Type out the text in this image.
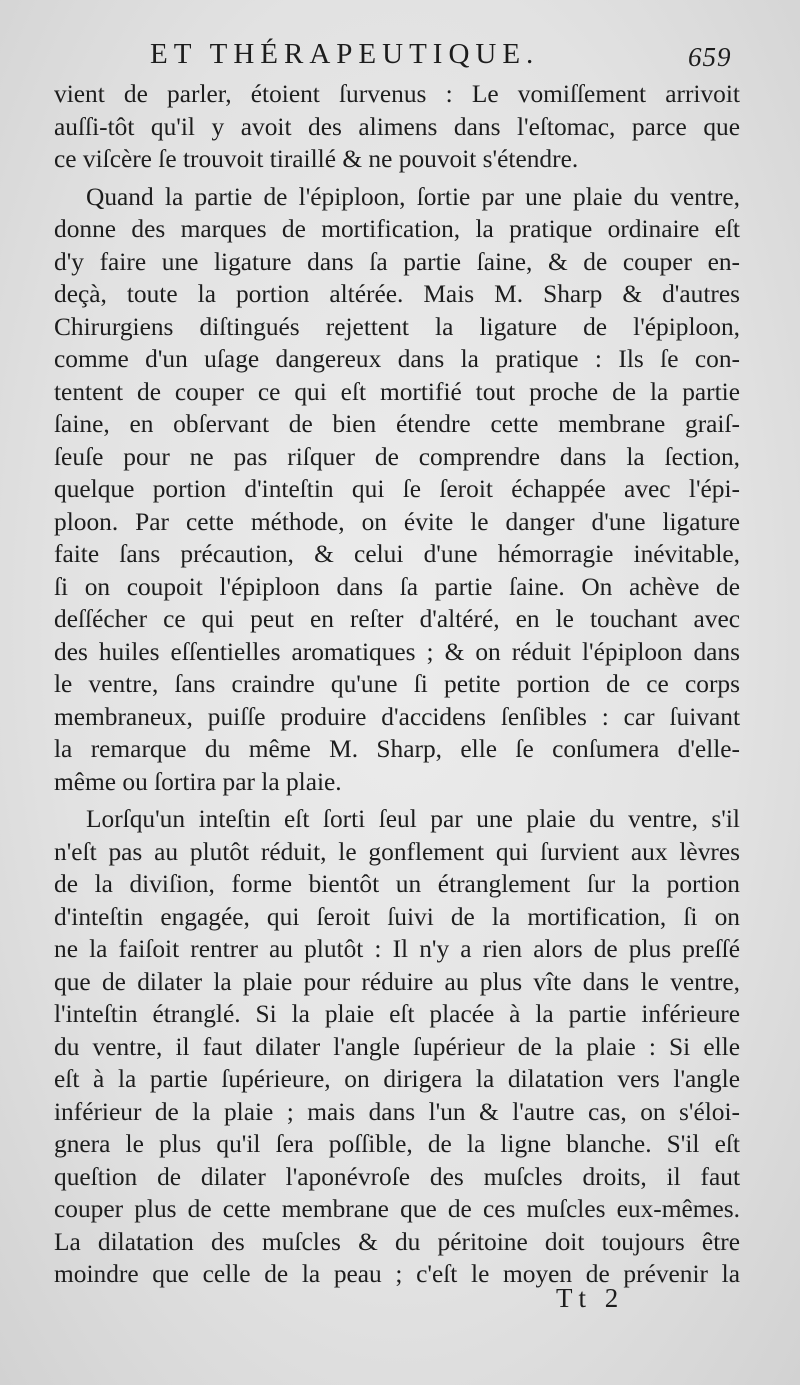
ET THÉRAPEUTIQUE.	659
vient de parler, étoient ſurvenus : Le vomiſſement arrivoit
auſſi-tôt qu'il y avoit des alimens dans l'eſtomac, parce que
ce viſcère ſe trouvoit tiraillé & ne pouvoit s'étendre.
Quand la partie de l'épiploon, ſortie par une plaie du ventre,
donne des marques de mortification, la pratique ordinaire eſt
d'y faire une ligature dans ſa partie ſaine, & de couper en-
deçà, toute la portion altérée. Mais M. Sharp & d'autres
Chirurgiens diſtingués rejettent la ligature de l'épiploon,
comme d'un uſage dangereux dans la pratique : Ils ſe con-
tentent de couper ce qui eſt mortifié tout proche de la partie
ſaine, en obſervant de bien étendre cette membrane graiſ-
ſeuſe pour ne pas riſquer de comprendre dans la ſection,
quelque portion d'inteſtin qui ſe ſeroit échappée avec l'épi-
ploon. Par cette méthode, on évite le danger d'une ligature
faite ſans précaution, & celui d'une hémorragie inévitable,
ſi on coupoit l'épiploon dans ſa partie ſaine. On achève de
deſſécher ce qui peut en reſter d'altéré, en le touchant avec
des huiles eſſentielles aromatiques ; & on réduit l'épiploon dans
le ventre, ſans craindre qu'une ſi petite portion de ce corps
membraneux, puiſſe produire d'accidens ſenſibles : car ſuivant
la remarque du même M. Sharp, elle ſe conſumera d'elle-
même ou ſortira par la plaie.
Lorſqu'un inteſtin eſt ſorti ſeul par une plaie du ventre, s'il
n'eſt pas au plutôt réduit, le gonflement qui ſurvient aux lèvres
de la diviſion, forme bientôt un étranglement ſur la portion
d'inteſtin engagée, qui ſeroit ſuivi de la mortification, ſi on
ne la faiſoit rentrer au plutôt : Il n'y a rien alors de plus preſſé
que de dilater la plaie pour réduire au plus vîte dans le ventre,
l'inteſtin étranglé. Si la plaie eſt placée à la partie inférieure
du ventre, il faut dilater l'angle ſupérieur de la plaie : Si elle
eſt à la partie ſupérieure, on dirigera la dilatation vers l'angle
inférieur de la plaie ; mais dans l'un & l'autre cas, on s'éloi-
gnera le plus qu'il ſera poſſible, de la ligne blanche. S'il eſt
queſtion de dilater l'aponévroſe des muſcles droits, il faut
couper plus de cette membrane que de ces muſcles eux-mêmes.
La dilatation des muſcles & du péritoine doit toujours être
moindre que celle de la peau ; c'eſt le moyen de prévenir la
Tt 2
